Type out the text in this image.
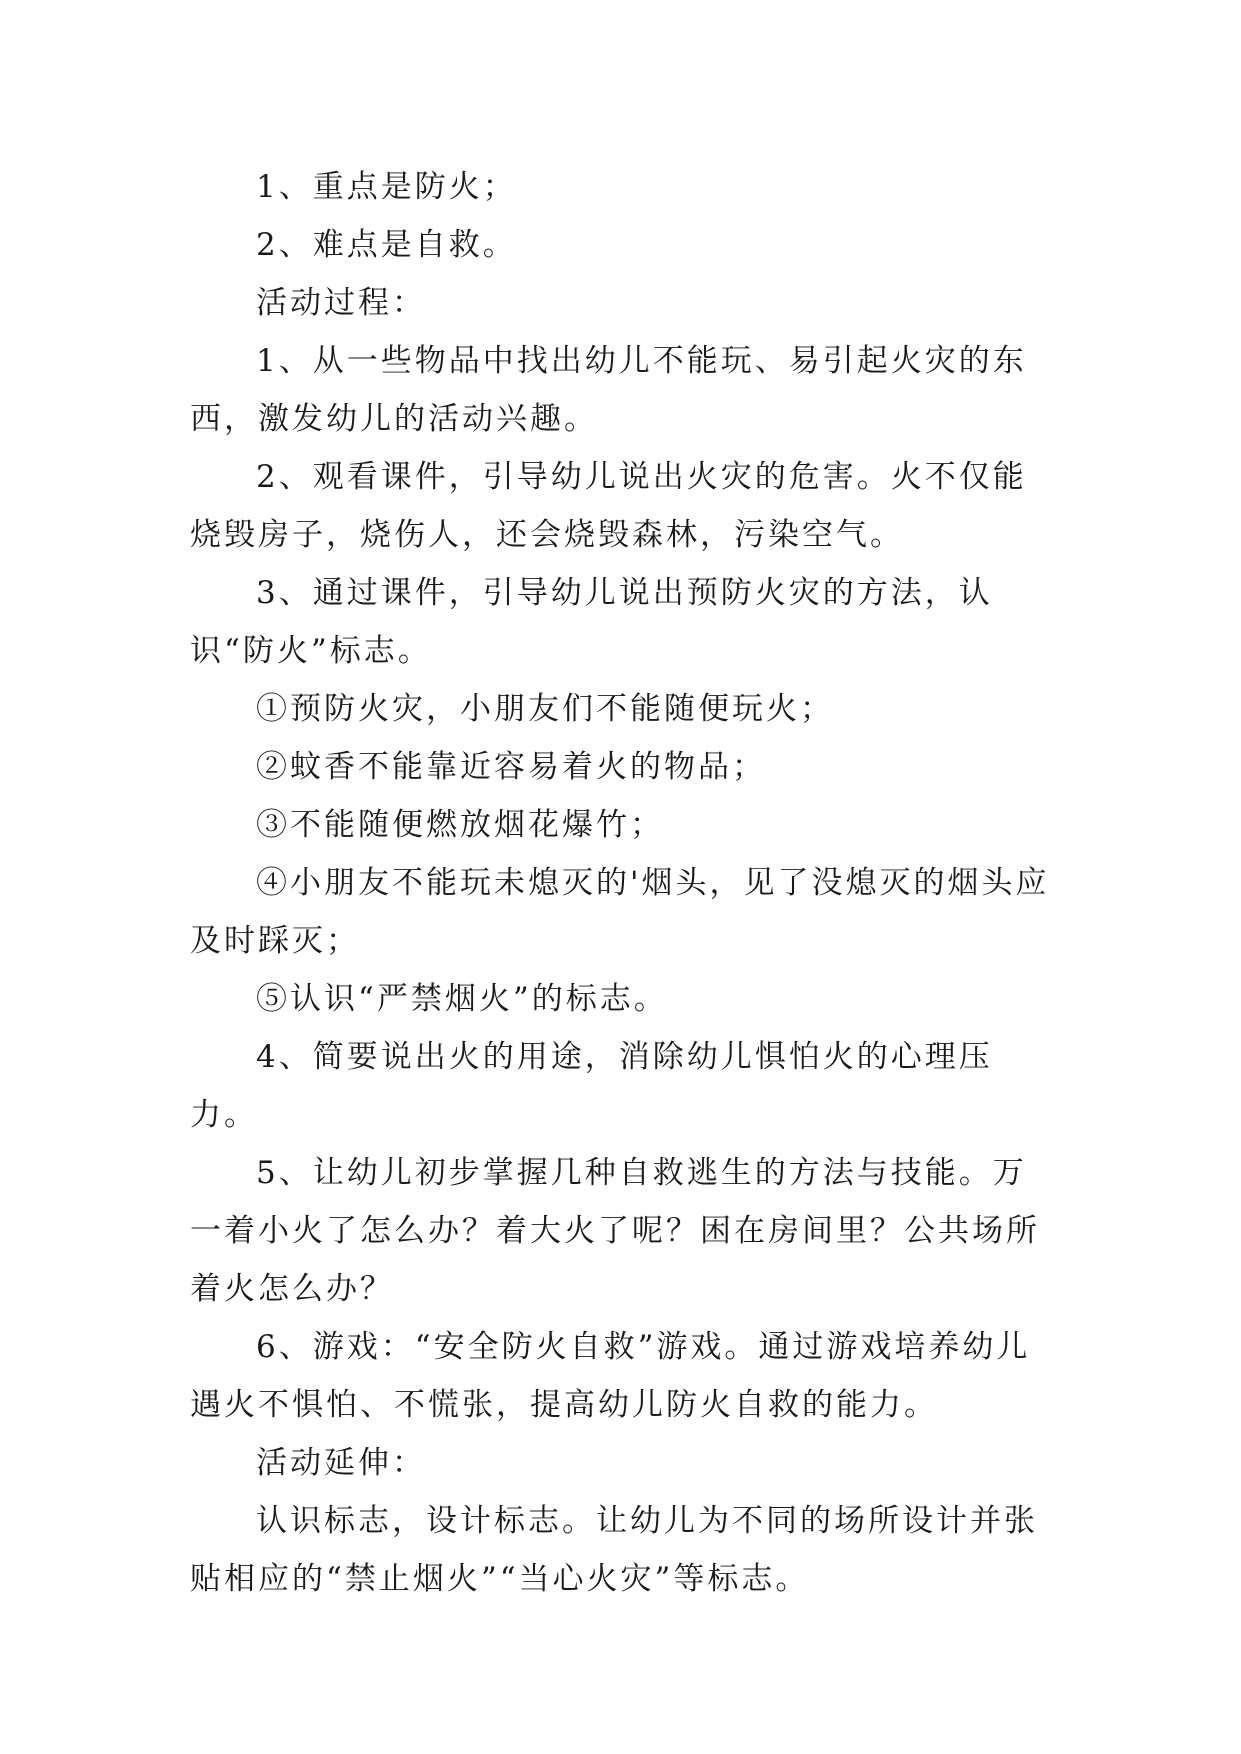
1、重点是防火；

2、难点是自救。

活动过程：

1、从一些物品中找出幼儿不能玩、易引起火灾的东西，激发幼儿的活动兴趣。

2、观看课件，引导幼儿说出火灾的危害。火不仅能烧毁房子，烧伤人，还会烧毁森林，污染空气。

3、通过课件，引导幼儿说出预防火灾的方法，认识“防火”标志。

①预防火灾，小朋友们不能随便玩火；

②蚊香不能靠近容易着火的物品；

③不能随便燃放烟花爆竹；

④小朋友不能玩未熄灭的'烟头，见了没熄灭的烟头应及时踩灭；

⑤认识“严禁烟火”的标志。

4、简要说出火的用途，消除幼儿惧怕火的心理压力。

5、让幼儿初步掌握几种自救逃生的方法与技能。万一着小火了怎么办？着大火了呢？困在房间里？公共场所着火怎么办？

6、游戏：“安全防火自救”游戏。通过游戏培养幼儿遇火不惧怕、不慌张，提高幼儿防火自救的能力。

活动延伸：

认识标志，设计标志。让幼儿为不同的场所设计并张贴相应的“禁止烟火”“当心火灾”等标志。
